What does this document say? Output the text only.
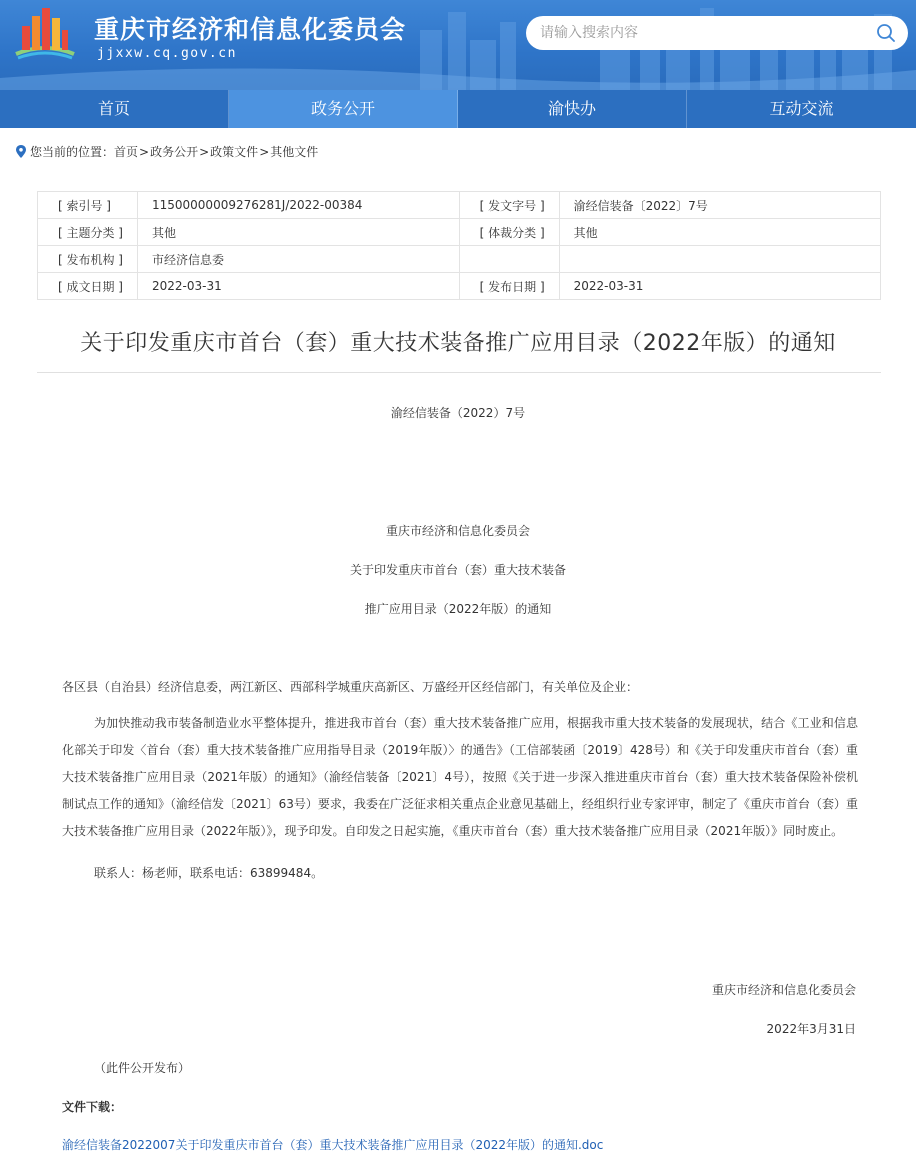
重庆市经济和信息化委员会
jjxxw.cq.gov.cn
请输入搜索内容
首页	政务公开	渝快办	互动交流
您当前的位置： 首页 > 政务公开 > 政策文件 > 其他文件
[ 索引号 ]	11500000009276281J/2022-00384	[ 发文字号 ]	渝经信装备〔2022〕7号
[ 主题分类 ]	其他	[ 体裁分类 ]	其他
[ 发布机构 ]	市经济信息委		
[ 成文日期 ]	2022-03-31	[ 发布日期 ]	2022-03-31
关于印发重庆市首台（套）重大技术装备推广应用目录（2022年版）的通知
渝经信装备（2022）7号
重庆市经济和信息化委员会
关于印发重庆市首台（套）重大技术装备
推广应用目录（2022年版）的通知
各区县（自治县）经济信息委，两江新区、西部科学城重庆高新区、万盛经开区经信部门，有关单位及企业：
为加快推动我市装备制造业水平整体提升，推进我市首台（套）重大技术装备推广应用，根据我市重大技术装备的发展现状，结合《工业和信息化部关于印发〈首台（套）重大技术装备推广应用指导目录（2019年版）〉的通告》（工信部装函〔2019〕428号）和《关于印发重庆市首台（套）重大技术装备推广应用目录（2021年版）的通知》（渝经信装备〔2021〕4号），按照《关于进一步深入推进重庆市首台（套）重大技术装备保险补偿机制试点工作的通知》（渝经信发〔2021〕63号）要求，我委在广泛征求相关重点企业意见基础上，经组织行业专家评审，制定了《重庆市首台（套）重大技术装备推广应用目录（2022年版）》，现予印发。自印发之日起实施，《重庆市首台（套）重大技术装备推广应用目录（2021年版）》同时废止。
联系人：杨老师，联系电话：63899484。
重庆市经济和信息化委员会
2022年3月31日
（此件公开发布）
文件下载：
渝经信装备2022007关于印发重庆市首台（套）重大技术装备推广应用目录（2022年版）的通知.doc
